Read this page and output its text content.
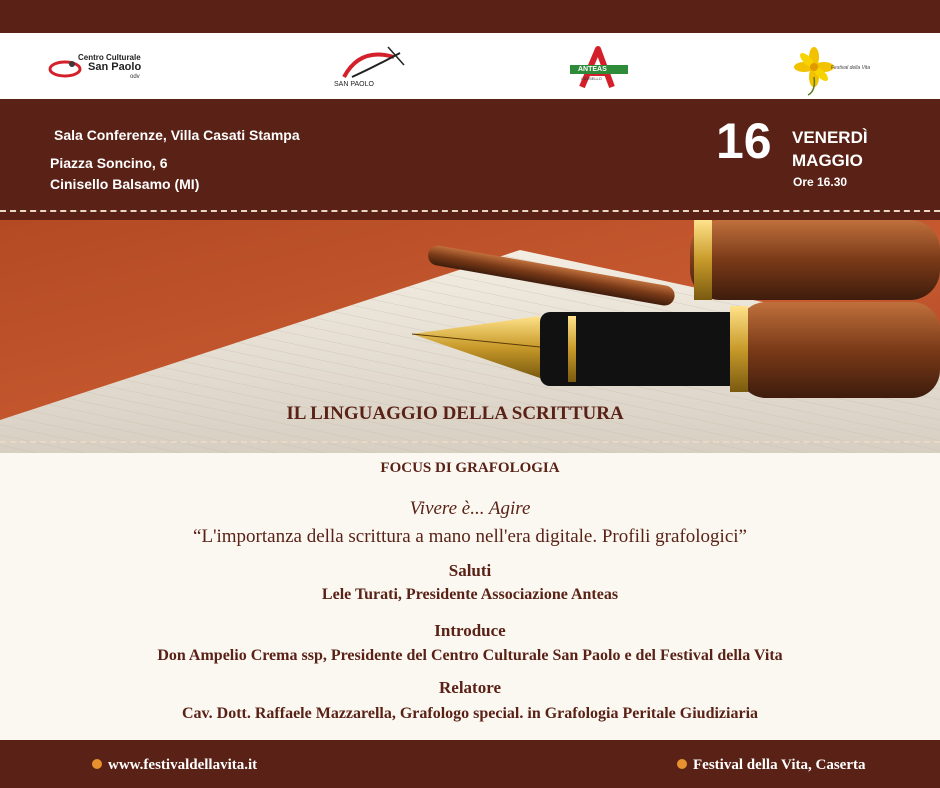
Centro Culturale
San Paolo
odv
SAN PAOLO
ANTEAS
CINISELLO
Festival della Vita
Sala Conferenze, Villa Casati Stampa
Piazza Soncino, 6
Cinisello Balsamo (MI)
16 VENERDÌ
MAGGIO
Ore 16.30
IL LINGUAGGIO DELLA SCRITTURA
FOCUS DI GRAFOLOGIA
Vivere è... Agire
“L'importanza della scrittura a mano nell'era digitale. Profili grafologici”
Saluti
Lele Turati, Presidente Associazione Anteas
Introduce
Don Ampelio Crema ssp, Presidente del Centro Culturale San Paolo e del Festival della Vita
Relatore
Cav. Dott. Raffaele Mazzarella, Grafologo special. in Grafologia Peritale Giudiziaria
www.festivaldellavita.it	Festival della Vita, Caserta
